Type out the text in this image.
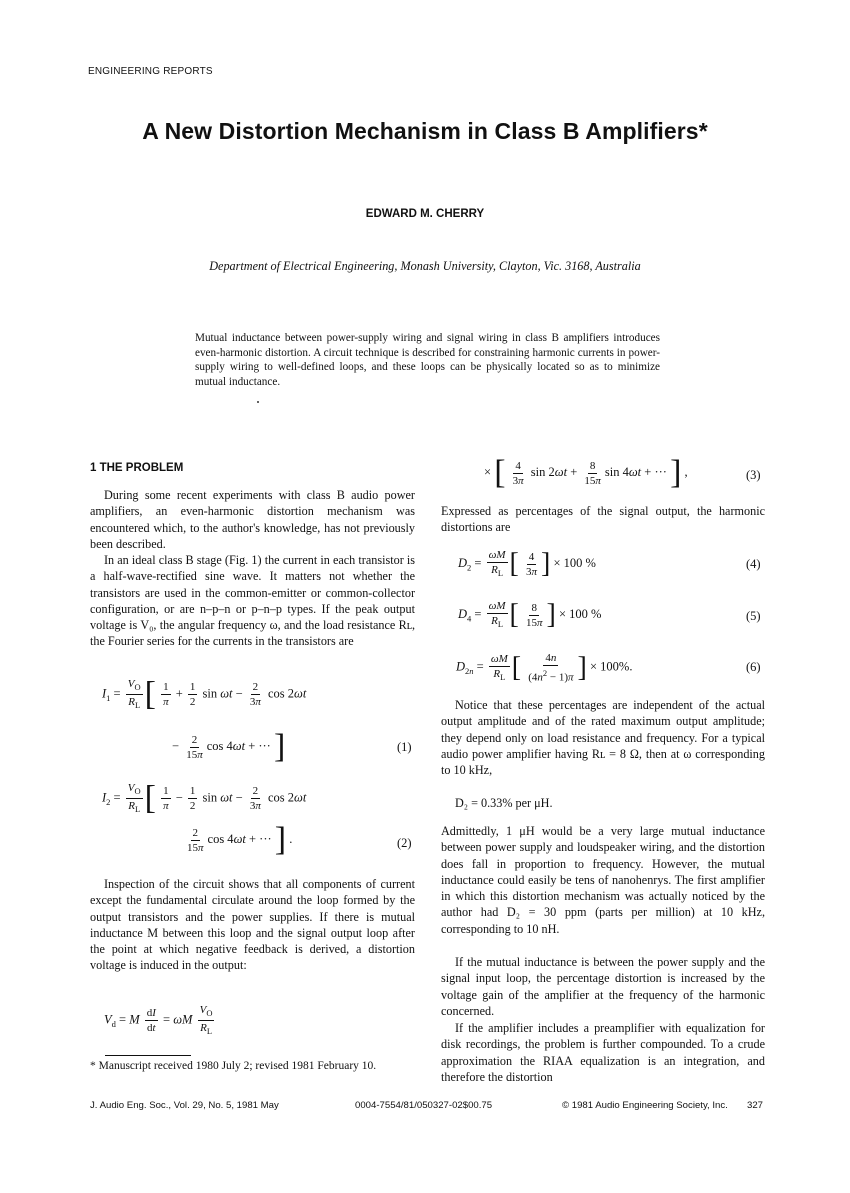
ENGINEERING REPORTS
A New Distortion Mechanism in Class B Amplifiers*
EDWARD M. CHERRY
Department of Electrical Engineering, Monash University, Clayton, Vic. 3168, Australia
Mutual inductance between power-supply wiring and signal wiring in class B amplifiers introduces even-harmonic distortion. A circuit technique is described for constraining harmonic currents in power-supply wiring to well-defined loops, and these loops can be physically located so as to minimize mutual inductance.
1 THE PROBLEM
During some recent experiments with class B audio power amplifiers, an even-harmonic distortion mechanism was encountered which, to the author's knowledge, has not previously been described.
In an ideal class B stage (Fig. 1) the current in each transistor is a half-wave-rectified sine wave. It matters not whether the transistors are used in the common-emitter or common-collector configuration, or are n–p–n or p–n–p types. If the peak output voltage is V₀, the angular frequency ω, and the load resistance Rʟ, the Fourier series for the currents in the transistors are
$I_1 = \frac{V_O}{R_L}$ [ $\frac{1}{\pi} + \frac{1}{2}$ $\sin \omega t - \frac{2}{3\pi}$ cos 2ωt
− $\frac{2}{15\pi}$ cos 4ωt + ··· ]	(1)
$I_2 = \frac{V_O}{R_L}$ [ $\frac{1}{\pi} - \frac{1}{2}$ $\sin \omega t - \frac{2}{3\pi}$ cos 2ωt
$\frac{2}{15\pi}$ cos 4ωt + ··· ] .	(2)
Inspection of the circuit shows that all components of current except the fundamental circulate around the loop formed by the output transistors and the power supplies. If there is mutual inductance M between this loop and the signal output loop after the point at which negative feedback is derived, a distortion voltage is induced in the output:
$V_d = M \frac{dI}{dt} = \omega M \frac{V_O}{R_L}$
* Manuscript received 1980 July 2; revised 1981 February 10.
× [ $\frac{4}{3\pi}$ $\sin 2\omega t + \frac{8}{15\pi}$ sin 4ωt + ··· ] ,	(3)
Expressed as percentages of the signal output, the harmonic distortions are
$D_2 = \frac{\omega M}{R_L}$ [ $\frac{4}{3\pi}$ ] × 100 %	(4)
$D_4 = \frac{\omega M}{R_L}$ [ $\frac{8}{15\pi}$ ] × 100 %	(5)
$D_{2n} = \frac{\omega M}{R_L}$ [ $\frac{4n}{(4n^2 - 1)\pi}$ ] × 100%.	(6)
Notice that these percentages are independent of the actual output amplitude and of the rated maximum output amplitude; they depend only on load resistance and frequency. For a typical audio power amplifier having Rʟ = 8 Ω, then at ω corresponding to 10 kHz,
D₂ = 0.33% per μH.
Admittedly, 1 μH would be a very large mutual inductance between power supply and loudspeaker wiring, and the distortion does fall in proportion to frequency. However, the mutual inductance could easily be tens of nanohenrys. The first amplifier in which this distortion mechanism was actually noticed by the author had D₂ = 30 ppm (parts per million) at 10 kHz, corresponding to 10 nH.
If the mutual inductance is between the power supply and the signal input loop, the percentage distortion is increased by the voltage gain of the amplifier at the frequency of the harmonic concerned.
If the amplifier includes a preamplifier with equalization for disk recordings, the problem is further compounded. To a crude approximation the RIAA equalization is an integration, and therefore the distortion
J. Audio Eng. Soc., Vol. 29, No. 5, 1981 May	0004-7554/81/050327-02$00.75	© 1981 Audio Engineering Society, Inc. 327
